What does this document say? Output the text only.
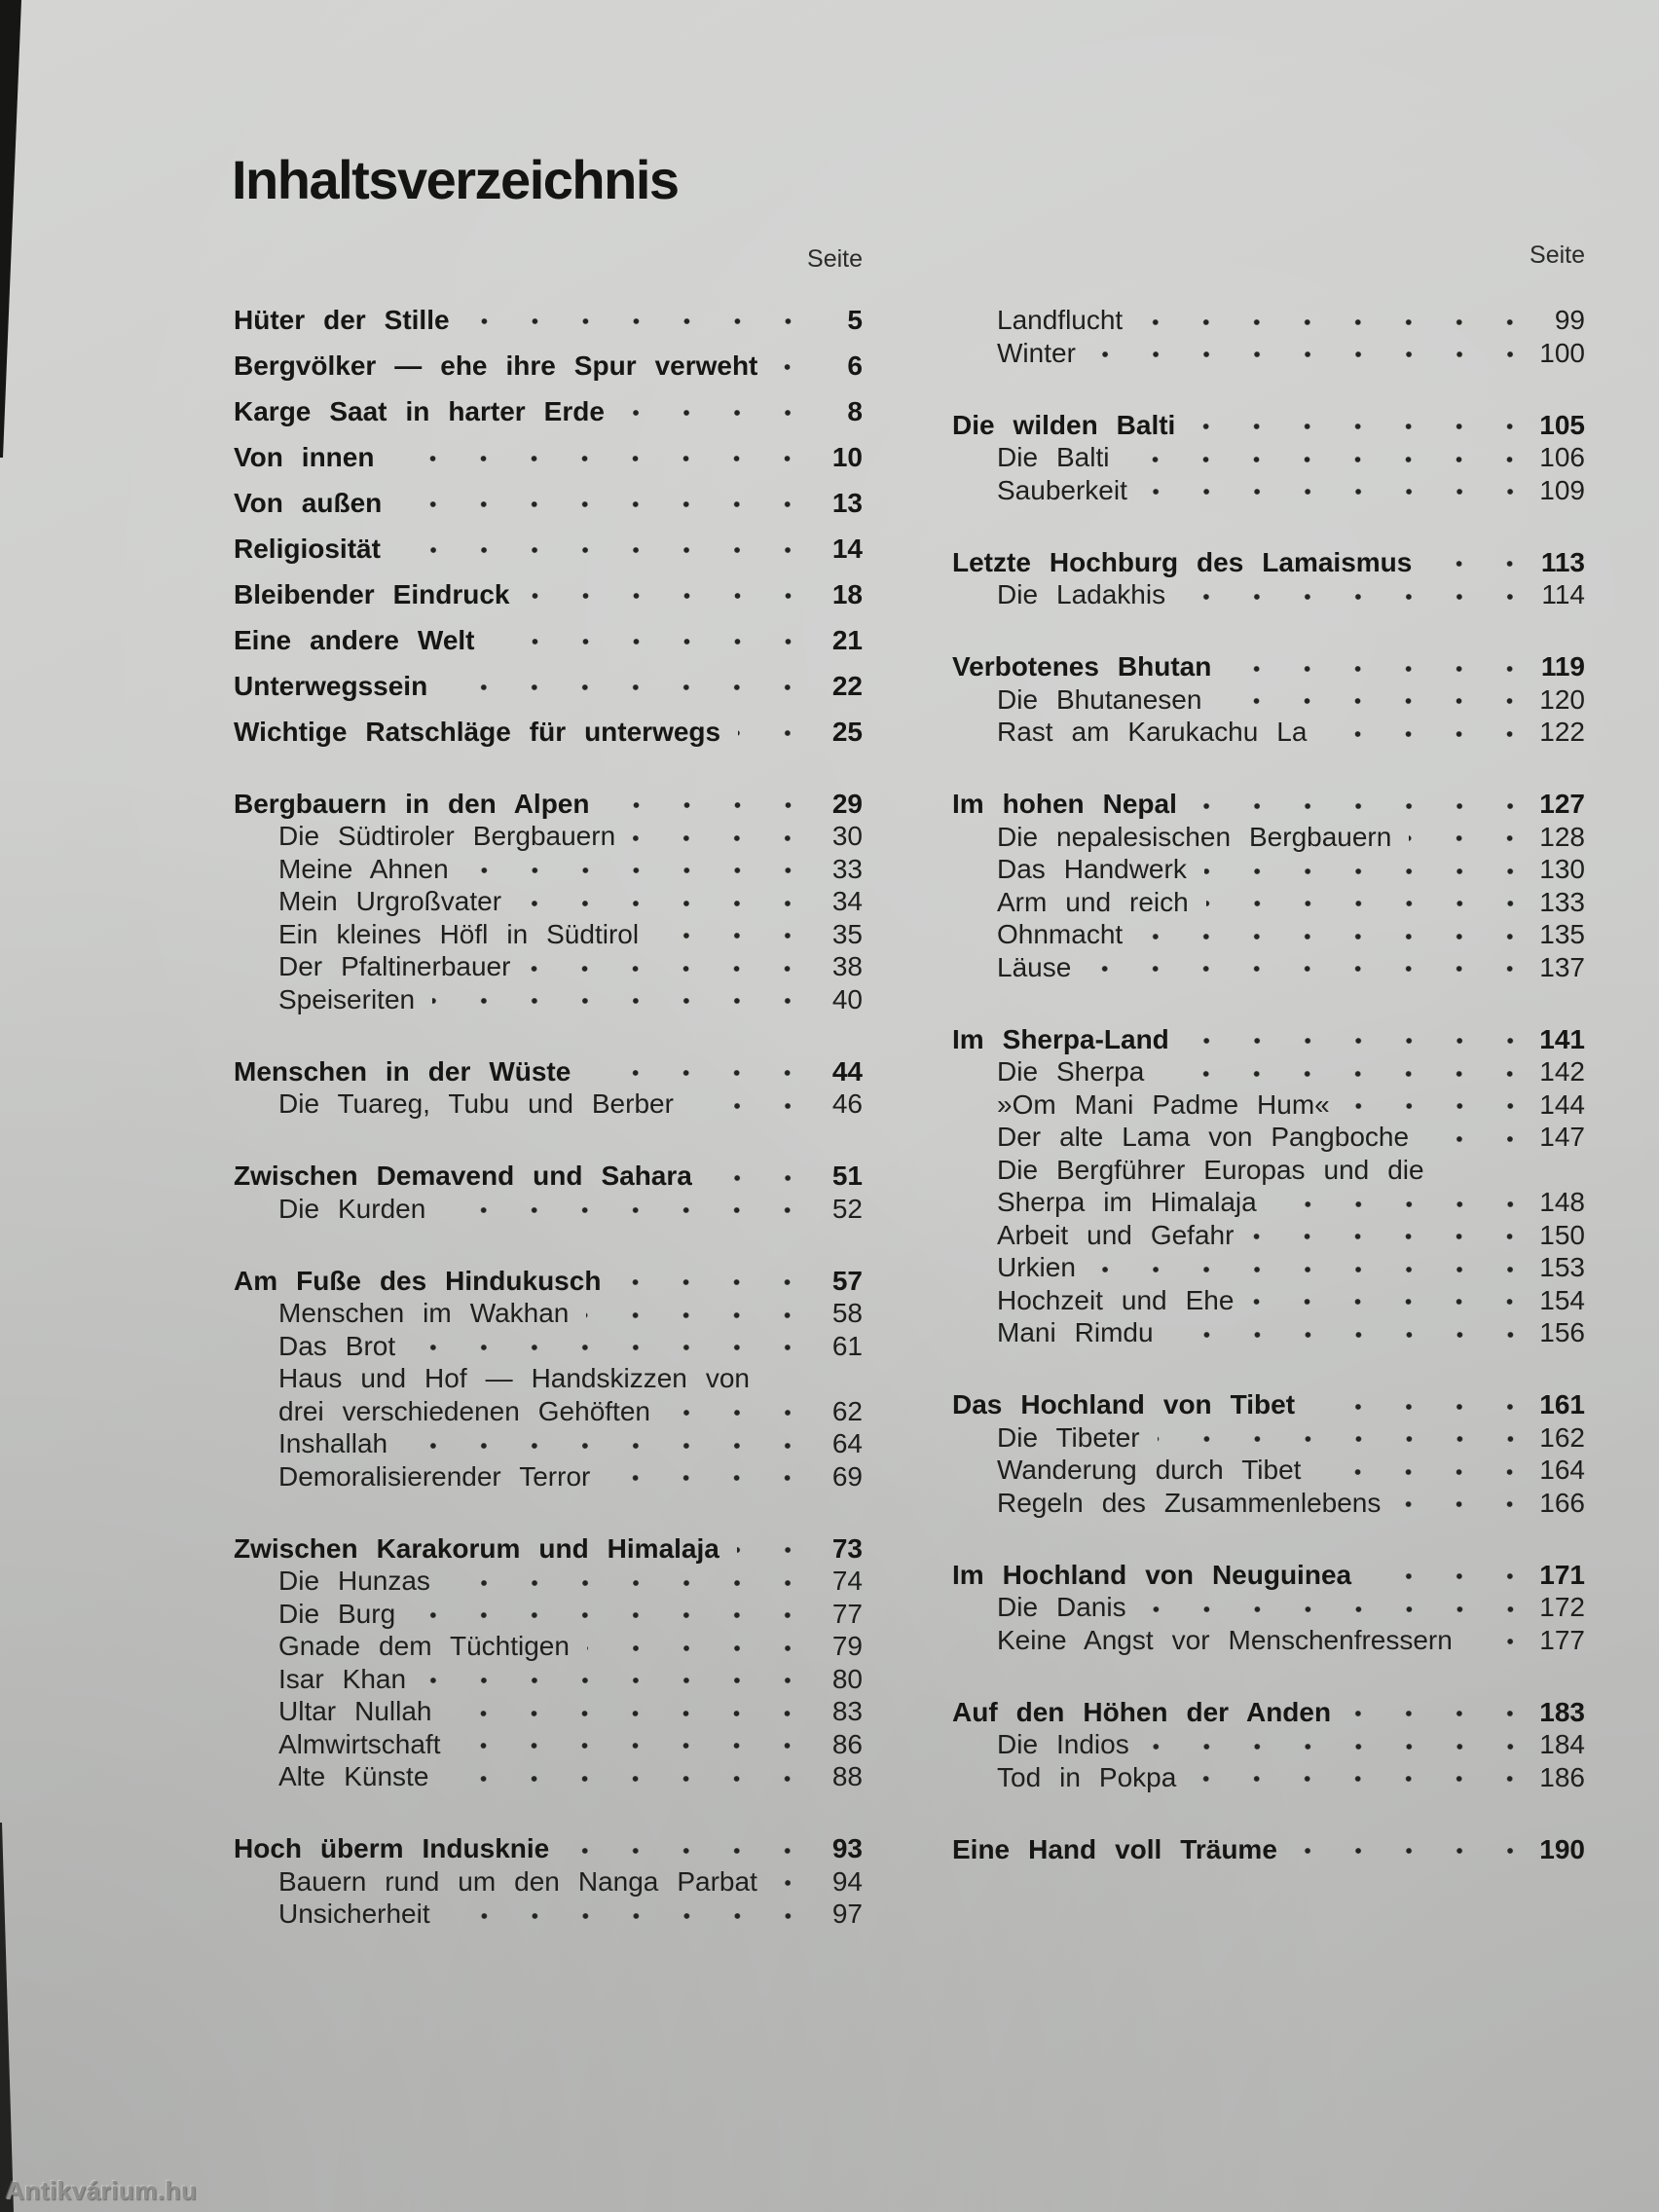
Inhaltsverzeichnis
Seite	Seite
Hüter der Stille	5
Bergvölker — ehe ihre Spur verweht	6
Karge Saat in harter Erde	8
Von innen	10
Von außen	13
Religiosität	14
Bleibender Eindruck	18
Eine andere Welt	21
Unterwegssein	22
Wichtige Ratschläge für unterwegs	25
Bergbauern in den Alpen	29
Die Südtiroler Bergbauern	30
Meine Ahnen	33
Mein Urgroßvater	34
Ein kleines Höfl in Südtirol	35
Der Pfaltinerbauer	38
Speiseriten	40
Menschen in der Wüste	44
Die Tuareg, Tubu und Berber	46
Zwischen Demavend und Sahara	51
Die Kurden	52
Am Fuße des Hindukusch	57
Menschen im Wakhan	58
Das Brot	61
Haus und Hof — Handskizzen von
drei verschiedenen Gehöften	62
Inshallah	64
Demoralisierender Terror	69
Zwischen Karakorum und Himalaja	73
Die Hunzas	74
Die Burg	77
Gnade dem Tüchtigen	79
Isar Khan	80
Ultar Nullah	83
Almwirtschaft	86
Alte Künste	88
Hoch überm Indusknie	93
Bauern rund um den Nanga Parbat	94
Unsicherheit	97
Landflucht	99
Winter	100
Die wilden Balti	105
Die Balti	106
Sauberkeit	109
Letzte Hochburg des Lamaismus	113
Die Ladakhis	114
Verbotenes Bhutan	119
Die Bhutanesen	120
Rast am Karukachu La	122
Im hohen Nepal	127
Die nepalesischen Bergbauern	128
Das Handwerk	130
Arm und reich	133
Ohnmacht	135
Läuse	137
Im Sherpa-Land	141
Die Sherpa	142
»Om Mani Padme Hum«	144
Der alte Lama von Pangboche	147
Die Bergführer Europas und die
Sherpa im Himalaja	148
Arbeit und Gefahr	150
Urkien	153
Hochzeit und Ehe	154
Mani Rimdu	156
Das Hochland von Tibet	161
Die Tibeter	162
Wanderung durch Tibet	164
Regeln des Zusammenlebens	166
Im Hochland von Neuguinea	171
Die Danis	172
Keine Angst vor Menschenfressern	177
Auf den Höhen der Anden	183
Die Indios	184
Tod in Pokpa	186
Eine Hand voll Träume	190
Antikvárium.hu
